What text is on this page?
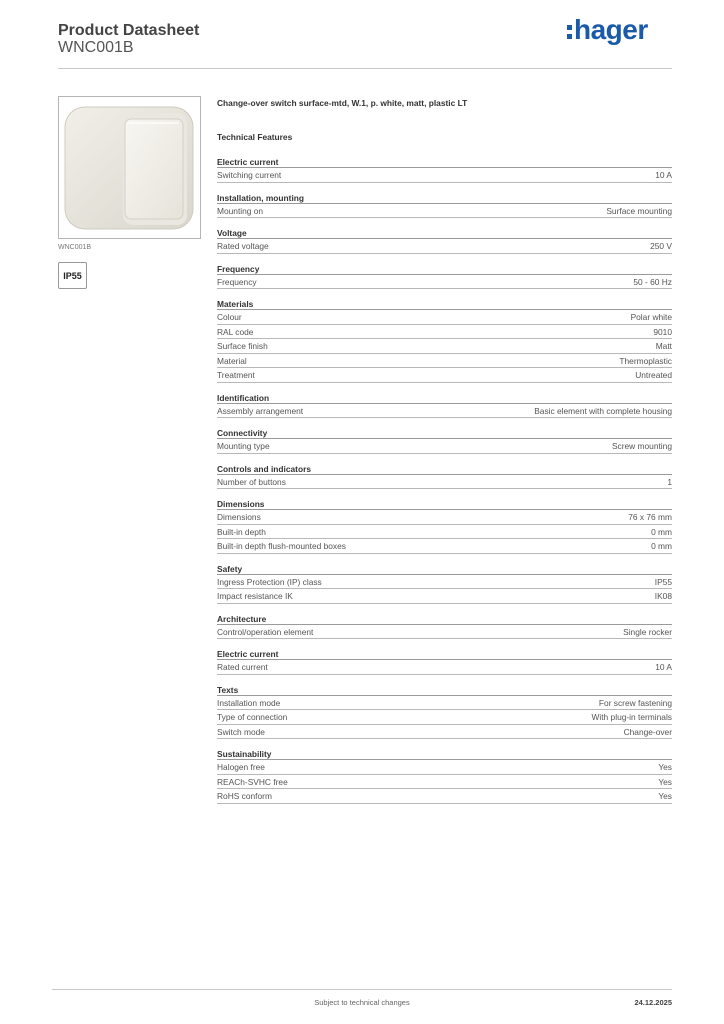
Product Datasheet
WNC001B
hager
WNC001B
IP55
Change-over switch surface-mtd, W.1, p. white, matt, plastic LT
Technical Features
Electric current
Switching current	10 A
Installation, mounting
Mounting on	Surface mounting
Voltage
Rated voltage	250 V
Frequency
Frequency	50 - 60 Hz
Materials
Colour	Polar white
RAL code	9010
Surface finish	Matt
Material	Thermoplastic
Treatment	Untreated
Identification
Assembly arrangement	Basic element with complete housing
Connectivity
Mounting type	Screw mounting
Controls and indicators
Number of buttons	1
Dimensions
Dimensions	76 x 76 mm
Built-in depth	0 mm
Built-in depth flush-mounted boxes	0 mm
Safety
Ingress Protection (IP) class	IP55
Impact resistance IK	IK08
Architecture
Control/operation element	Single rocker
Electric current
Rated current	10 A
Texts
Installation mode	For screw fastening
Type of connection	With plug-in terminals
Switch mode	Change-over
Sustainability
Halogen free	Yes
REACh-SVHC free	Yes
RoHS conform	Yes
Subject to technical changes	24.12.2025
